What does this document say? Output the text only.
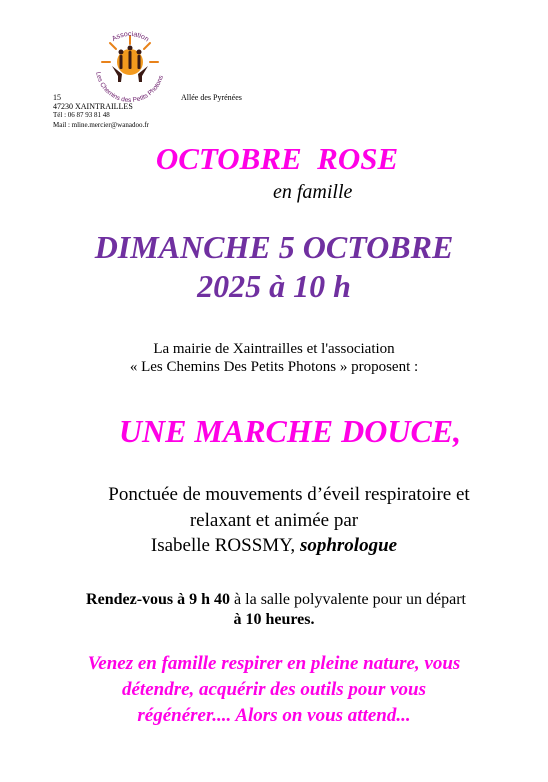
Association
Les Chemins des Petits Photons
15	Allée des Pyrénées
47230 XAINTRAILLES
Tél : 06 87 93 81 48
Mail : mline.mercier@wanadoo.fr
OCTOBRE  ROSE
en famille
DIMANCHE 5 OCTOBRE
2025 à 10 h
La mairie de Xaintrailles et l'association
« Les Chemins Des Petits Photons » proposent :
UNE MARCHE DOUCE,
Ponctuée de mouvements d’éveil respiratoire et
relaxant et animée par
Isabelle ROSSMY, sophrologue
Rendez-vous à 9 h 40 à la salle polyvalente pour un départ
à 10 heures.
Venez en famille respirer en pleine nature, vous
détendre, acquérir des outils pour vous
régénérer.... Alors on vous attend...
